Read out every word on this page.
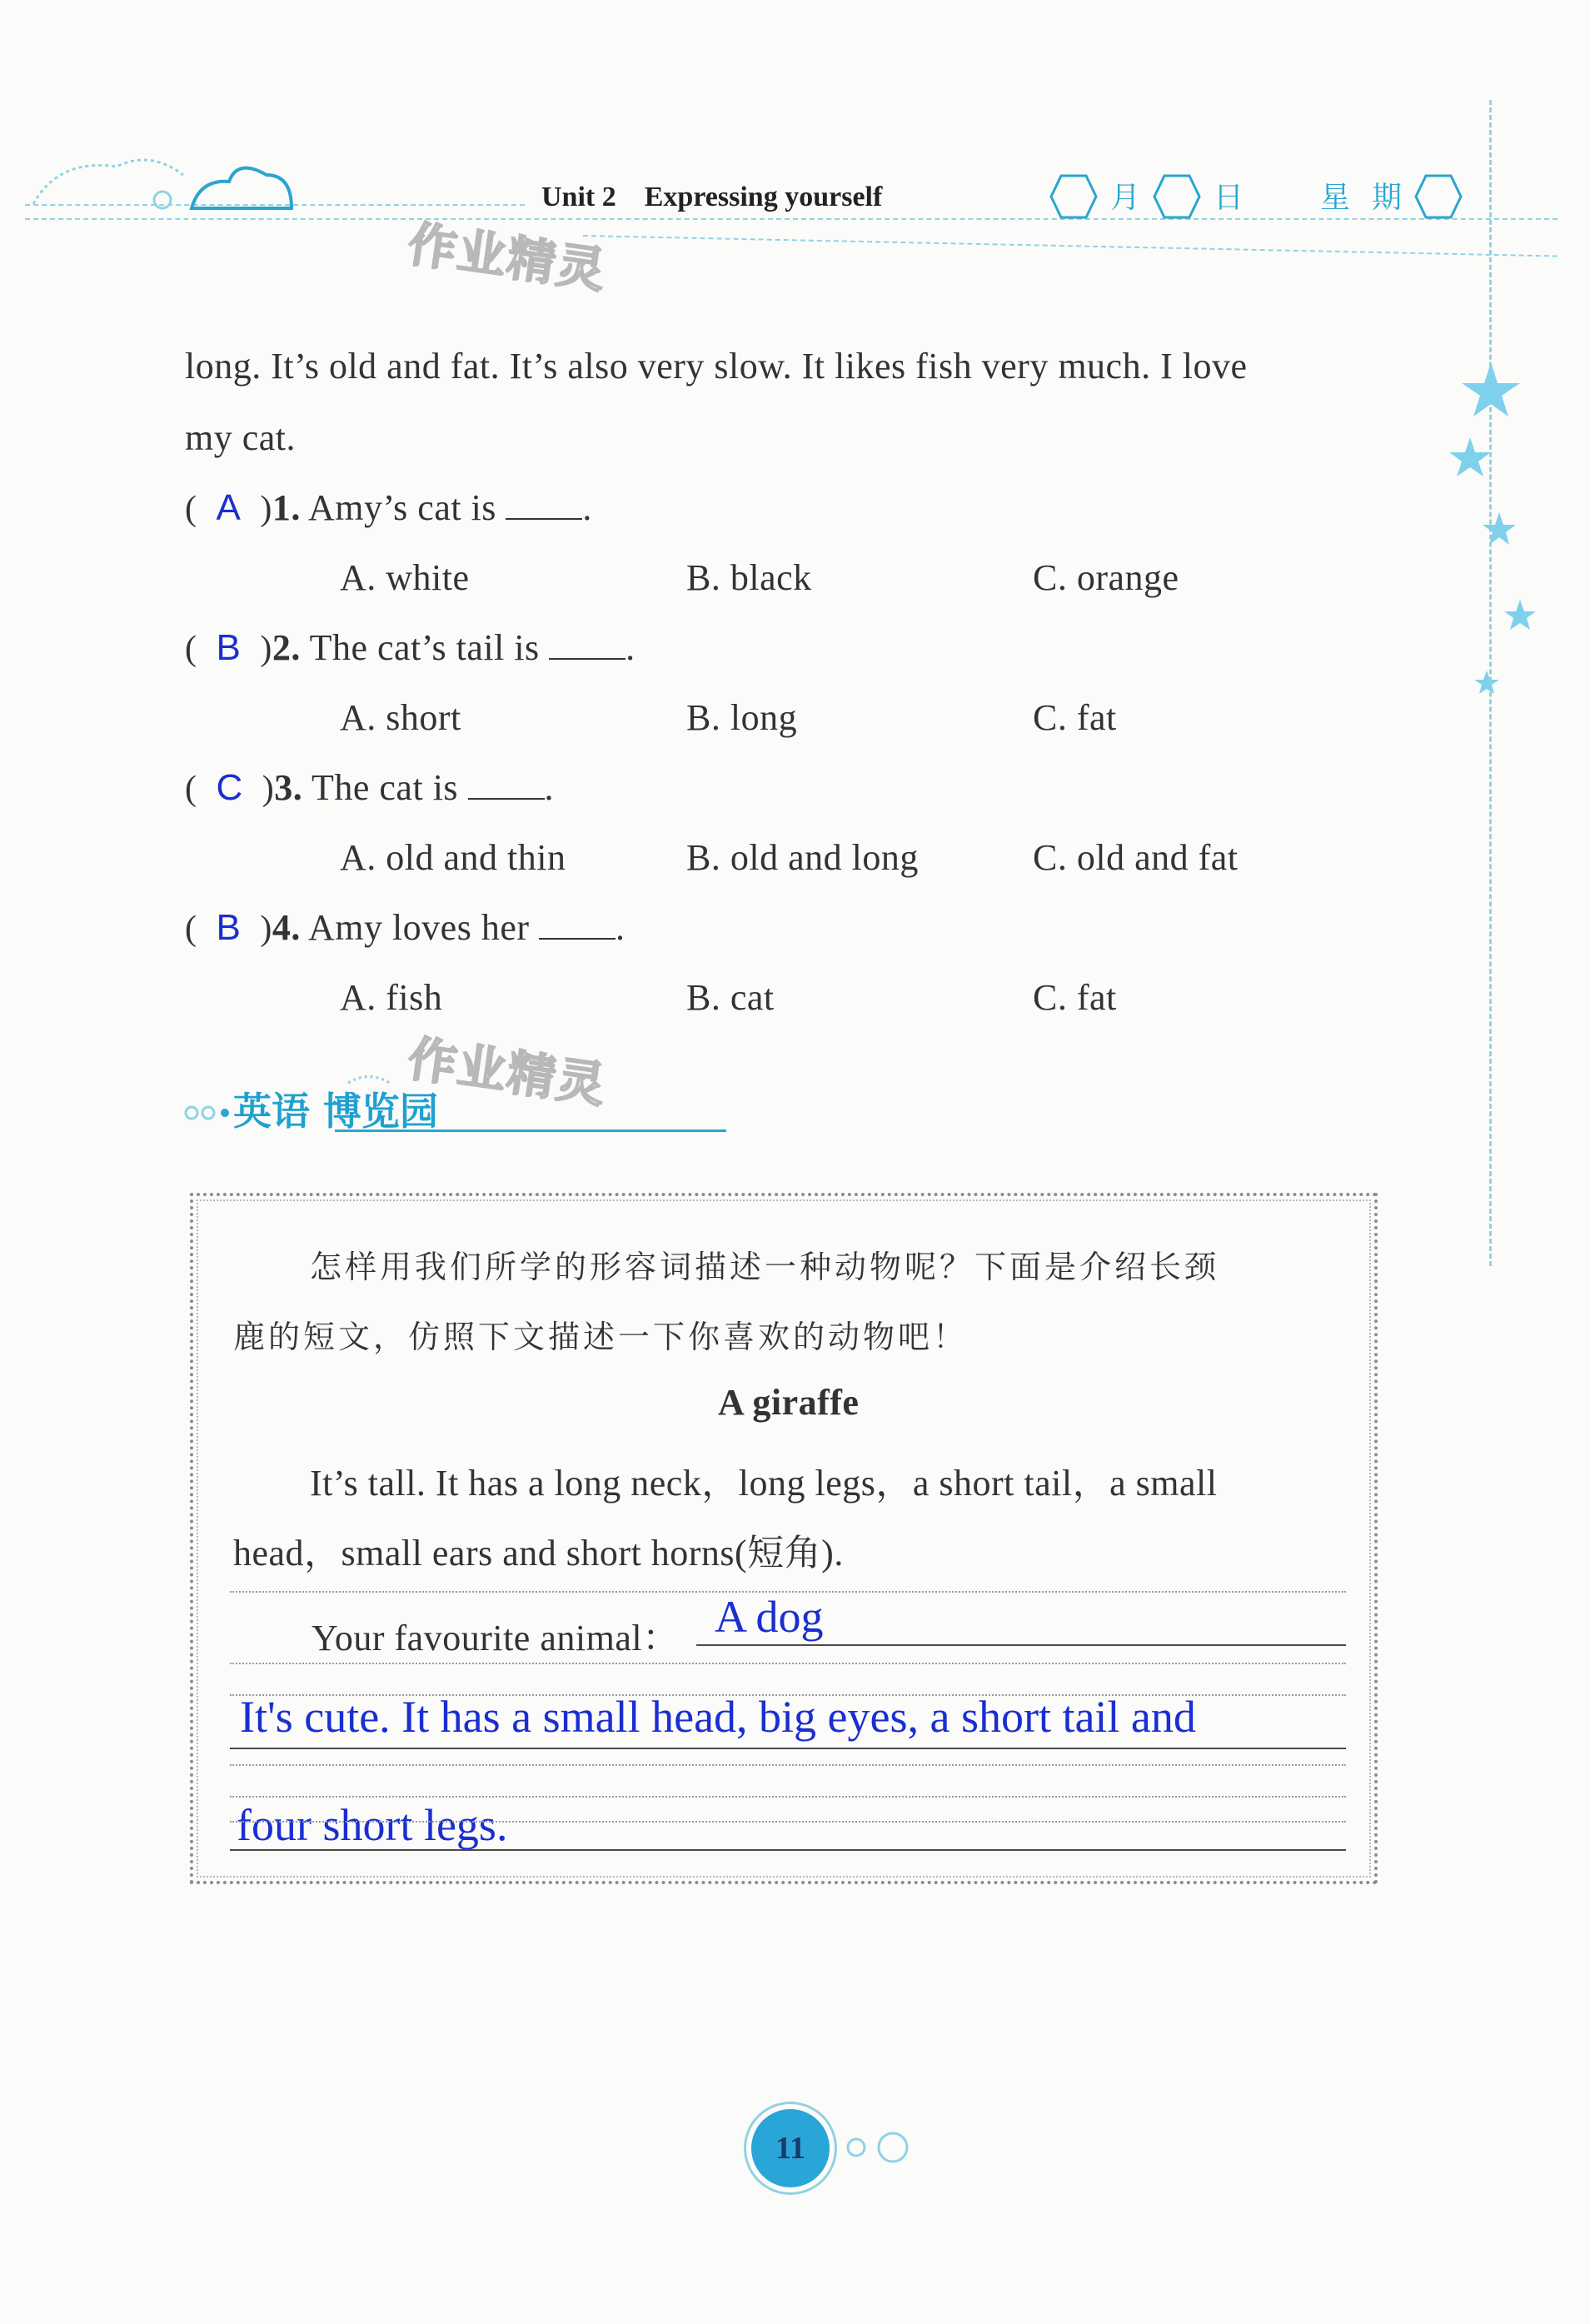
Unit 2 Expressing yourself	月	日	星 期
作业精灵
long. It’s old and fat. It’s also very slow. It likes fish very much. I love
my cat.
( A )1. Amy’s cat is .
A. white	B. black	C. orange
( B )2. The cat’s tail is .
A. short	B. long	C. fat
( C )3. The cat is .
A. old and thin	B. old and long	C. old and fat
( B )4. Amy loves her .
A. fish	B. cat	C. fat
英语 博览园
作业精灵
怎样用我们所学的形容词描述一种动物呢？下面是介绍长颈
鹿的短文，仿照下文描述一下你喜欢的动物吧！
A giraffe
It’s tall. It has a long neck，long legs，a short tail，a small
head，small ears and short horns(短角).
Your favourite animal： A dog
It's cute. It has a small head, big eyes, a short tail and
four short legs.
11
